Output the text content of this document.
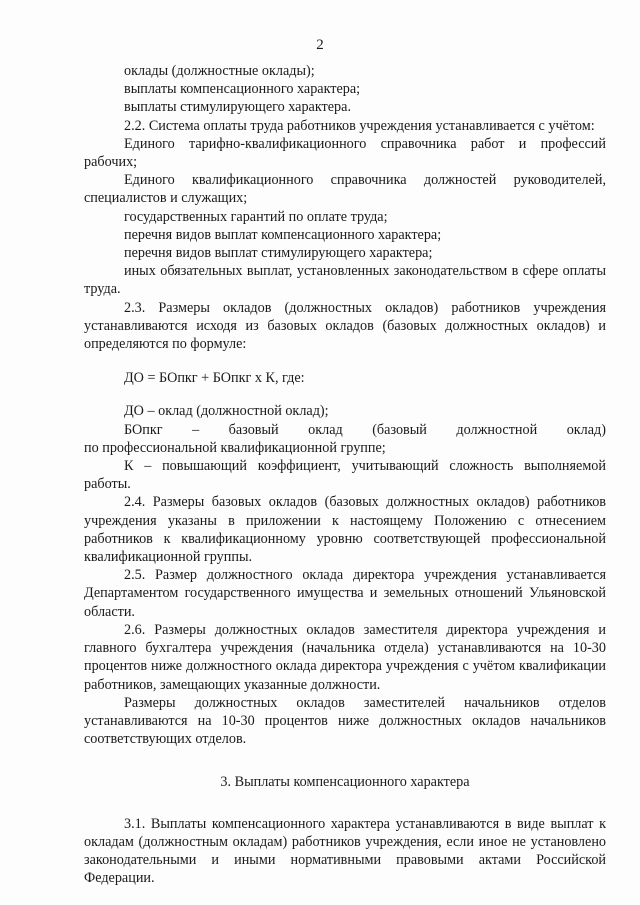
2

оклады (должностные оклады);

выплаты компенсационного характера;

выплаты стимулирующего характера.

2.2. Система оплаты труда работников учреждения устанавливается с учётом:

Единого тарифно-квалификационного справочника работ и профессий рабочих;

Единого квалификационного справочника должностей руководителей, специалистов и служащих;

государственных гарантий по оплате труда;

перечня видов выплат компенсационного характера;

перечня видов выплат стимулирующего характера;

иных обязательных выплат, установленных законодательством в сфере оплаты труда.

2.3. Размеры окладов (должностных окладов) работников учреждения устанавливаются исходя из базовых окладов (базовых должностных окладов) и определяются по формуле:

ДО = БОпкг + БОпкг х К, где:

ДО – оклад (должностной оклад);

БОпкг – базовый оклад (базовый должностной оклад)

по профессиональной квалификационной группе;

К – повышающий коэффициент, учитывающий сложность выполняемой работы.

2.4. Размеры базовых окладов (базовых должностных окладов) работников учреждения указаны в приложении к настоящему Положению с отнесением работников к квалификационному уровню соответствующей профессиональной квалификационной группы.

2.5. Размер должностного оклада директора учреждения устанавливается Департаментом государственного имущества и земельных отношений Ульяновской области.

2.6. Размеры должностных окладов заместителя директора учреждения и главного бухгалтера учреждения (начальника отдела) устанавливаются на 10-30 процентов ниже должностного оклада директора учреждения с учётом квалификации работников, замещающих указанные должности.

Размеры должностных окладов заместителей начальников отделов устанавливаются на 10-30 процентов ниже должностных окладов начальников соответствующих отделов.

3. Выплаты компенсационного характера

3.1. Выплаты компенсационного характера устанавливаются в виде выплат к окладам (должностным окладам) работников учреждения, если иное не установлено законодательными и иными нормативными правовыми актами Российской Федерации.
